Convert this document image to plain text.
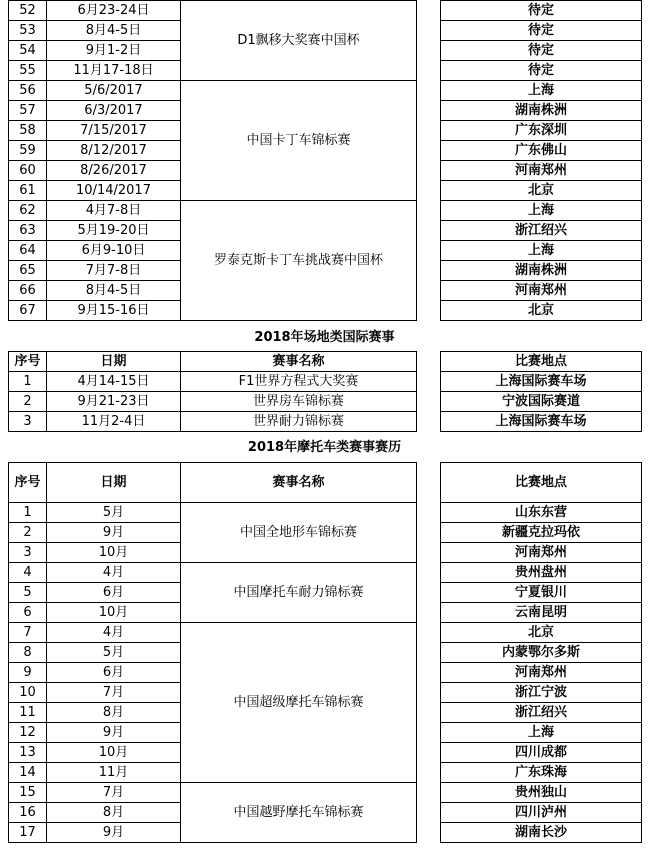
52	6月23-24日	D1飘移大奖赛中国杯		待定
53	8月4-5日			待定
54	9月1-2日			待定
55	11月17-18日			待定
56	5/6/2017	中国卡丁车锦标赛		上海
57	6/3/2017			湖南株洲
58	7/15/2017			广东深圳
59	8/12/2017			广东佛山
60	8/26/2017			河南郑州
61	10/14/2017			北京
62	4月7-8日	罗泰克斯卡丁车挑战赛中国杯		上海
63	5月19-20日			浙江绍兴
64	6月9-10日			上海
65	7月7-8日			湖南株洲
66	8月4-5日			河南郑州
67	9月15-16日			北京
2018年场地类国际赛事
序号	日期	赛事名称		比赛地点
1	4月14-15日	F1世界方程式大奖赛		上海国际赛车场
2	9月21-23日	世界房车锦标赛		宁波国际赛道
3	11月2-4日	世界耐力锦标赛		上海国际赛车场
2018年摩托车类赛事赛历
序号	日期	赛事名称		比赛地点
1	5月	中国全地形车锦标赛		山东东营
2	9月			新疆克拉玛依
3	10月			河南郑州
4	4月	中国摩托车耐力锦标赛		贵州盘州
5	6月			宁夏银川
6	10月			云南昆明
7	4月	中国超级摩托车锦标赛		北京
8	5月			内蒙鄂尔多斯
9	6月			河南郑州
10	7月			浙江宁波
11	8月			浙江绍兴
12	9月			上海
13	10月			四川成都
14	11月			广东珠海
15	7月	中国越野摩托车锦标赛		贵州独山
16	8月			四川泸州
17	9月			湖南长沙
